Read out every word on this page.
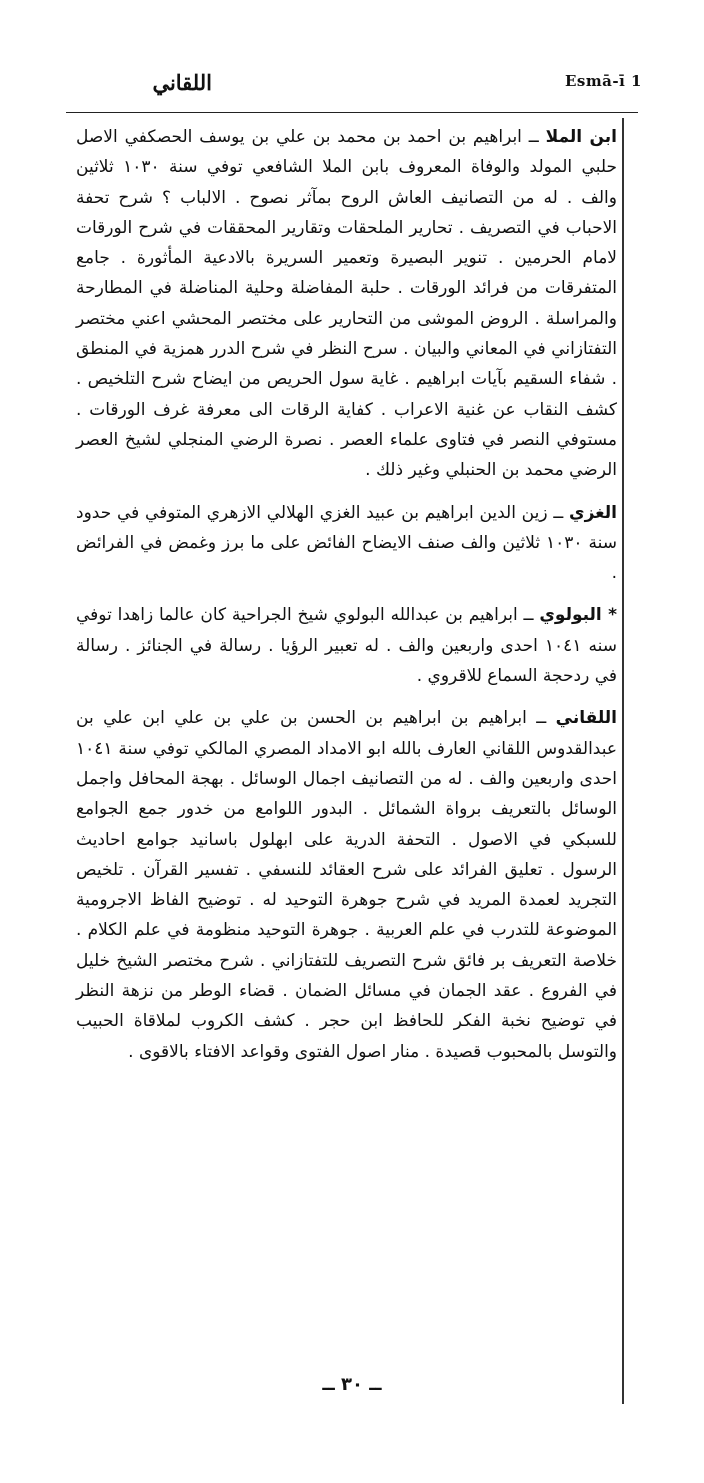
اللقاني	Esmā-ī 1

ابن الملا ــ ابراهيم بن احمد بن محمد بن علي بن يوسف الحصكفي الاصل حلبي المولد والوفاة المعروف بابن الملا الشافعي توفي سنة ١٠٣٠ ثلاثين والف . له من التصانيف العاش الروح بمآثر نصوح . الالباب ؟ شرح تحفة الاحباب في التصريف . تحارير الملحقات وتقارير المحققات في شرح الورقات لامام الحرمين . تنوير البصيرة وتعمير السريرة بالادعية المأثورة . جامع المتفرقات من فرائد الورقات . حلبة المفاضلة وحلية المناضلة في المطارحة والمراسلة . الروض الموشى من التحارير على مختصر المحشي اعني مختصر التفتازاني في المعاني والبيان . سرح النظر في شرح الدرر همزية في المنطق . شفاء السقيم بآيات ابراهيم . غاية سول الحريص من ايضاح شرح التلخيص . كشف النقاب عن غنية الاعراب . كفاية الرقات الى معرفة غرف الورقات . مستوفي النصر في فتاوى علماء العصر . نصرة الرضي المنجلي لشيخ العصر الرضي محمد بن الحنبلي وغير ذلك .

الغزي ــ زين الدين ابراهيم بن عبيد الغزي الهلالي الازهري المتوفي في حدود سنة ١٠٣٠ ثلاثين والف صنف الايضاح الفائض على ما برز وغمض في الفرائض .

* البولوي ــ ابراهيم بن عبدالله البولوي شيخ الجراحية كان عالما زاهدا توفي سنه ١٠٤١ احدى واربعين والف . له تعبير الرؤيا . رسالة في الجنائز . رسالة في ردحجة السماع للاقروي .

اللقاني ــ ابراهيم بن ابراهيم بن الحسن بن علي بن علي ابن علي بن عبدالقدوس اللقاني العارف بالله ابو الامداد المصري المالكي توفي سنة ١٠٤١ احدى واربعين والف . له من التصانيف اجمال الوسائل . بهجة المحافل واجمل الوسائل بالتعريف برواة الشمائل . البدور اللوامع من خدور جمع الجوامع للسبكي في الاصول . التحفة الدرية على ابهلول باسانيد جوامع احاديث الرسول . تعليق الفرائد على شرح العقائد للنسفي . تفسير القرآن . تلخيص التجريد لعمدة المريد في شرح جوهرة التوحيد له . توضيح الفاظ الاجرومية الموضوعة للتدرب في علم العربية . جوهرة التوحيد منظومة في علم الكلام . خلاصة التعريف بر فائق شرح التصريف للتفتازاني . شرح مختصر الشيخ خليل في الفروع . عقد الجمان في مسائل الضمان . قضاء الوطر من نزهة النظر في توضيح نخبة الفكر للحافظ ابن حجر . كشف الكروب لملاقاة الحبيب والتوسل بالمحبوب قصيدة . منار اصول الفتوى وقواعد الافتاء بالاقوى .

ــ ٣٠ ــ
